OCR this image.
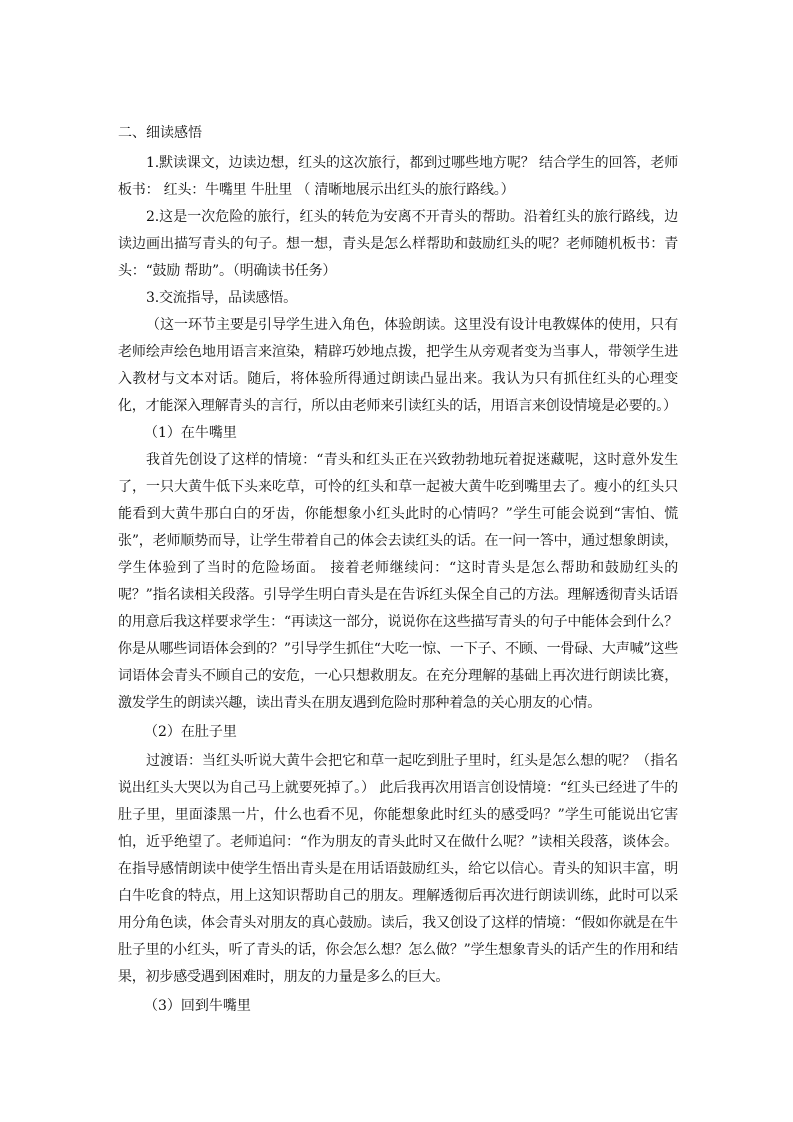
二、细读感悟

1.默读课文，边读边想，红头的这次旅行，都到过哪些地方呢？ 结合学生的回答，老师板书： 红头：牛嘴里 牛肚里 （ 清晰地展示出红头的旅行路线。）

2.这是一次危险的旅行，红头的转危为安离不开青头的帮助。沿着红头的旅行路线，边读边画出描写青头的句子。想一想，青头是怎么样帮助和鼓励红头的呢？老师随机板书：青头：“鼓励 帮助”。（明确读书任务）

3.交流指导，品读感悟。

（这一环节主要是引导学生进入角色，体验朗读。这里没有设计电教媒体的使用，只有老师绘声绘色地用语言来渲染，精辟巧妙地点拨，把学生从旁观者变为当事人，带领学生进入教材与文本对话。随后，将体验所得通过朗读凸显出来。我认为只有抓住红头的心理变化，才能深入理解青头的言行，所以由老师来引读红头的话，用语言来创设情境是必要的。）

（1）在牛嘴里

我首先创设了这样的情境：“青头和红头正在兴致勃勃地玩着捉迷藏呢，这时意外发生了，一只大黄牛低下头来吃草，可怜的红头和草一起被大黄牛吃到嘴里去了。瘦小的红头只能看到大黄牛那白白的牙齿，你能想象小红头此时的心情吗？”学生可能会说到“害怕、慌张”，老师顺势而导，让学生带着自己的体会去读红头的话。在一问一答中，通过想象朗读，学生体验到了当时的危险场面。 接着老师继续问：“这时青头是怎么帮助和鼓励红头的呢？”指名读相关段落。引导学生明白青头是在告诉红头保全自己的方法。理解透彻青头话语的用意后我这样要求学生：“再读这一部分，说说你在这些描写青头的句子中能体会到什么？你是从哪些词语体会到的？”引导学生抓住“大吃一惊、一下子、不顾、一骨碌、大声喊”这些词语体会青头不顾自己的安危，一心只想救朋友。在充分理解的基础上再次进行朗读比赛，激发学生的朗读兴趣，读出青头在朋友遇到危险时那种着急的关心朋友的心情。

（2）在肚子里

过渡语：当红头听说大黄牛会把它和草一起吃到肚子里时，红头是怎么想的呢？（指名说出红头大哭以为自己马上就要死掉了。） 此后我再次用语言创设情境：“红头已经进了牛的肚子里，里面漆黑一片，什么也看不见，你能想象此时红头的感受吗？”学生可能说出它害怕，近乎绝望了。老师追问：“作为朋友的青头此时又在做什么呢？”读相关段落，谈体会。在指导感情朗读中使学生悟出青头是在用话语鼓励红头，给它以信心。青头的知识丰富，明白牛吃食的特点，用上这知识帮助自己的朋友。理解透彻后再次进行朗读训练，此时可以采用分角色读，体会青头对朋友的真心鼓励。读后，我又创设了这样的情境：“假如你就是在牛肚子里的小红头，听了青头的话，你会怎么想？怎么做？”学生想象青头的话产生的作用和结果，初步感受遇到困难时，朋友的力量是多么的巨大。

（3）回到牛嘴里
